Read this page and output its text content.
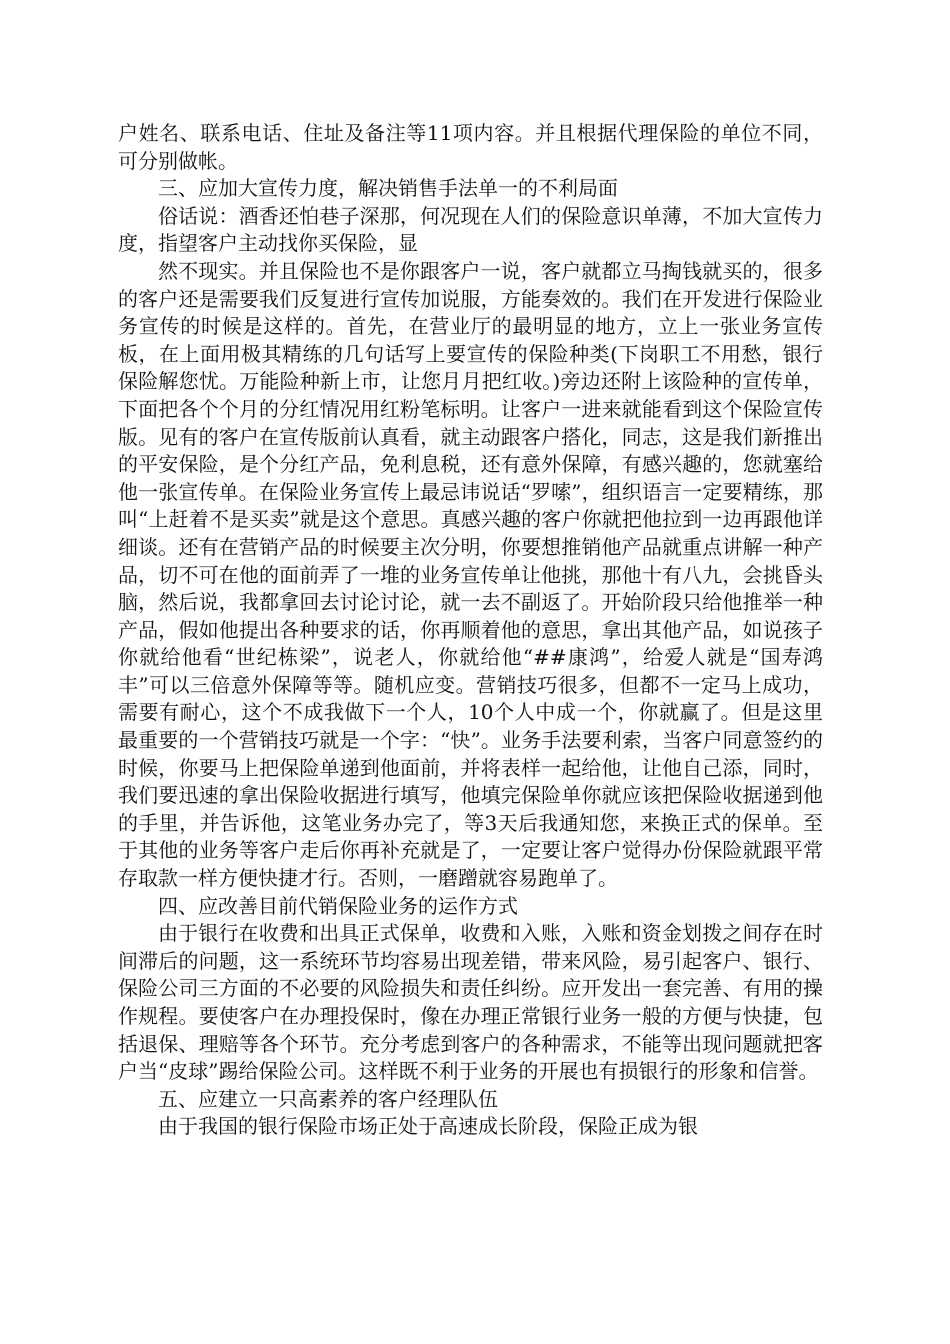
户姓名、联系电话、住址及备注等11项内容。并且根据代理保险的单位不同，可分别做帐。

三、应加大宣传力度，解决销售手法单一的不利局面

俗话说：酒香还怕巷子深那，何况现在人们的保险意识单薄，不加大宣传力度，指望客户主动找你买保险，显

然不现实。并且保险也不是你跟客户一说，客户就都立马掏钱就买的，很多的客户还是需要我们反复进行宣传加说服，方能奏效的。我们在开发进行保险业务宣传的时候是这样的。首先，在营业厅的最明显的地方，立上一张业务宣传板，在上面用极其精练的几句话写上要宣传的保险种类(下岗职工不用愁，银行保险解您忧。万能险种新上市，让您月月把红收。)旁边还附上该险种的宣传单，下面把各个个月的分红情况用红粉笔标明。让客户一进来就能看到这个保险宣传版。见有的客户在宣传版前认真看，就主动跟客户搭化，同志，这是我们新推出的平安保险，是个分红产品，免利息税，还有意外保障，有感兴趣的，您就塞给他一张宣传单。在保险业务宣传上最忌讳说话“罗嗦”，组织语言一定要精练，那叫“上赶着不是买卖”就是这个意思。真感兴趣的客户你就把他拉到一边再跟他详细谈。还有在营销产品的时候要主次分明，你要想推销他产品就重点讲解一种产品，切不可在他的面前弄了一堆的业务宣传单让他挑，那他十有八九，会挑昏头脑，然后说，我都拿回去讨论讨论，就一去不副返了。开始阶段只给他推举一种产品，假如他提出各种要求的话，你再顺着他的意思，拿出其他产品，如说孩子你就给他看“世纪栋梁”，说老人，你就给他“##康鸿”，给爱人就是“国寿鸿丰”可以三倍意外保障等等。随机应变。营销技巧很多，但都不一定马上成功，需要有耐心，这个不成我做下一个人，10个人中成一个，你就赢了。但是这里最重要的一个营销技巧就是一个字：“快”。业务手法要利索，当客户同意签约的时候，你要马上把保险单递到他面前，并将表样一起给他，让他自己添，同时，我们要迅速的拿出保险收据进行填写，他填完保险单你就应该把保险收据递到他的手里，并告诉他，这笔业务办完了，等3天后我通知您，来换正式的保单。至于其他的业务等客户走后你再补充就是了，一定要让客户觉得办份保险就跟平常存取款一样方便快捷才行。否则，一磨蹭就容易跑单了。

四、应改善目前代销保险业务的运作方式

由于银行在收费和出具正式保单，收费和入账，入账和资金划拨之间存在时间滞后的问题，这一系统环节均容易出现差错，带来风险，易引起客户、银行、保险公司三方面的不必要的风险损失和责任纠纷。应开发出一套完善、有用的操作规程。要使客户在办理投保时，像在办理正常银行业务一般的方便与快捷，包括退保、理赔等各个环节。充分考虑到客户的各种需求，不能等出现问题就把客户当“皮球”踢给保险公司。这样既不利于业务的开展也有损银行的形象和信誉。

五、应建立一只高素养的客户经理队伍

由于我国的银行保险市场正处于高速成长阶段，保险正成为银
